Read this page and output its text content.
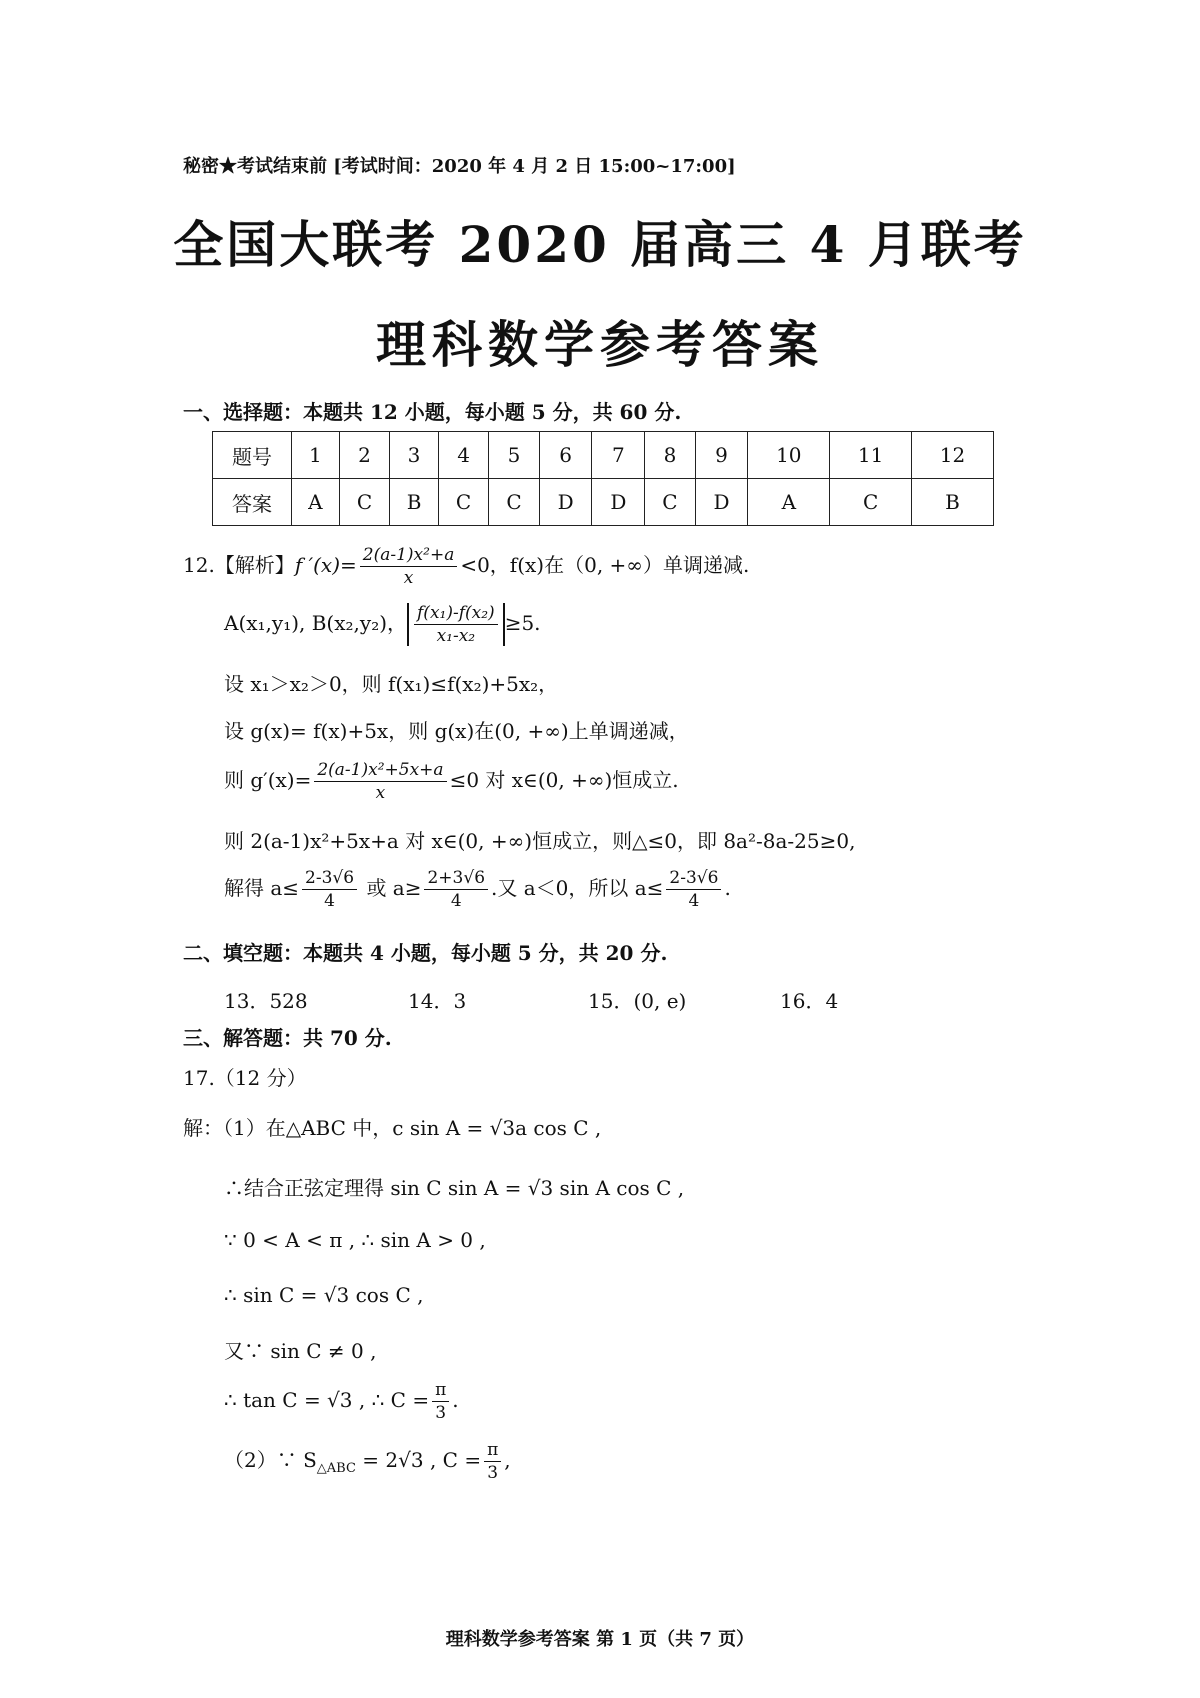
秘密★考试结束前 [考试时间：2020 年 4 月 2 日 15:00~17:00]
全国大联考 2020 届高三 4 月联考
理科数学参考答案
一、选择题：本题共 12 小题，每小题 5 分，共 60 分.
题号	1	2	3	4	5	6	7	8	9	10	11	12
答案	A	C	B	C	C	D	D	C	D	A	C	B
12.【解析】f $'(x)= \frac{\text{2(a-1)x²+a}}{x} <0$，f(x)在（0, +∞）单调递减.
A(x₁,y₁), B(x₂,y₂)， $\frac{\text{f(x₁)-f(x₂)}}{\text{x₁-x₂}} \ge 5$.
设 x₁＞x₂＞0，则 f(x₁)≤f(x₂)+5x₂，
设 g(x)= f(x)+5x，则 g(x)在(0, +∞)上单调递减，
则 $g'(x)= \frac{\text{2(a-1)x²+5x+a}}{x} \le 0$ 对 x∈(0, +∞)恒成立.
则 2(a-1)x²+5x+a 对 x∈(0, +∞)恒成立，则△≤0，即 8a²-8a-25≥0,
解得 $a\le \frac{2-3√6}{4}$ 或 $a\ge \frac{2+3√6}{4}$ .又 a＜0，所以 $a\le \frac{2-3√6}{4}$ .
二、填空题：本题共 4 小题，每小题 5 分，共 20 分.
13．528	14．3	15．(0, e)	16．4
三、解答题：共 70 分.
17.（12 分）
解：（1）在△ABC 中，c sin A = √3a cos C ,
∴结合正弦定理得 sin C sin A = √3 sin A cos C ,
∵ 0 < A < π , ∴ sin A > 0 ,
∴ sin C = √3 cos C ,
又∵ sin C ≠ 0 ,
∴ tan C = √3 , ∴ $C = \frac{\pi}{3}$ .
（2）∵ $S_{\triangle ABC} = 2√3$ , $C = \frac{\pi}{3}$ ,
理科数学参考答案 第 1 页（共 7 页）
